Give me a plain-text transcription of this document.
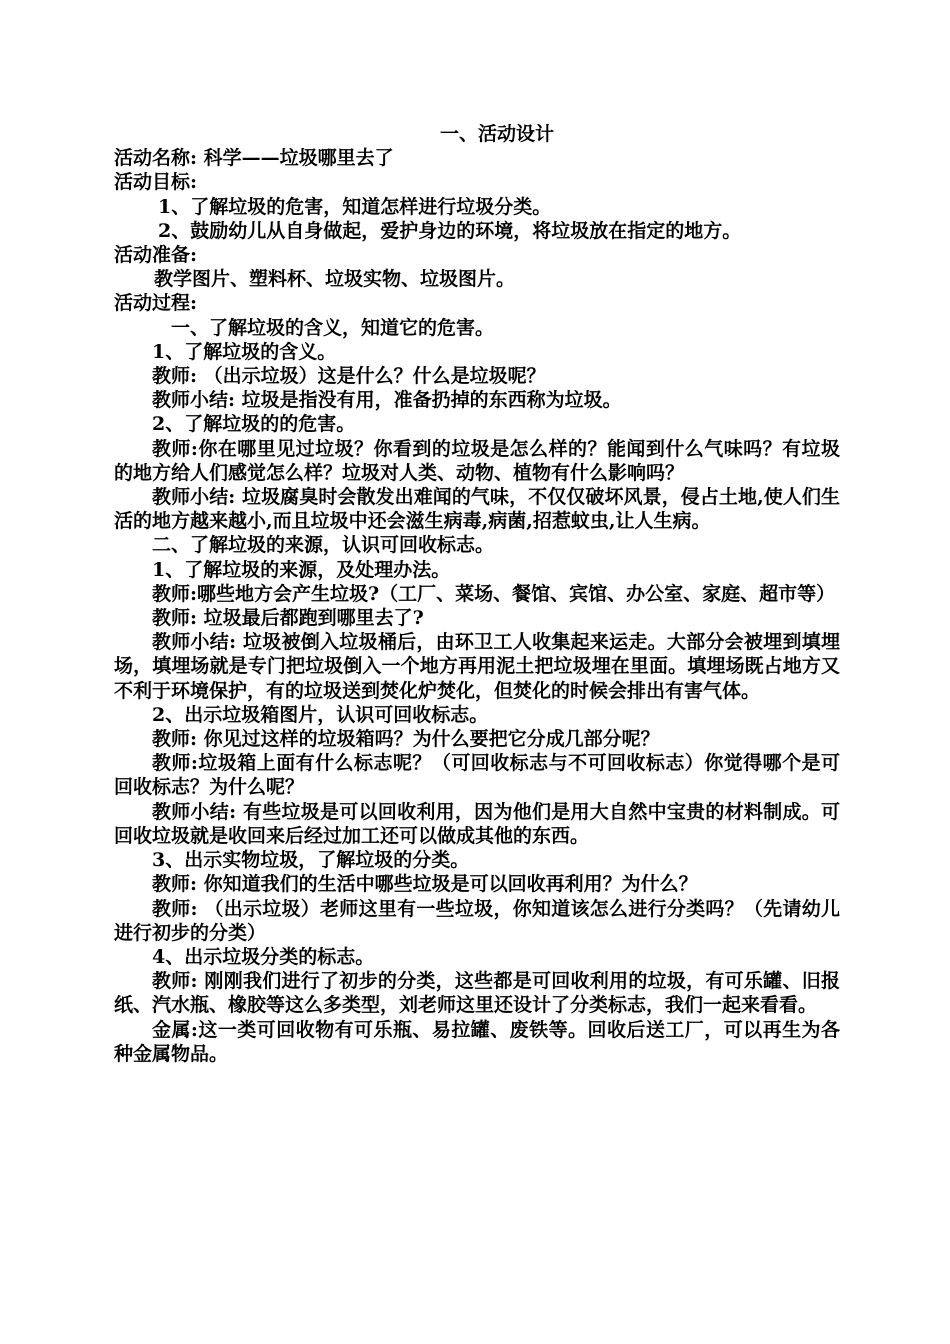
一、活动设计

活动名称: 科学——垃圾哪里去了

活动目标:

1、了解垃圾的危害，知道怎样进行垃圾分类。

2、鼓励幼儿从自身做起，爱护身边的环境，将垃圾放在指定的地方。

活动准备:

教学图片、塑料杯、垃圾实物、垃圾图片。

活动过程:

一、了解垃圾的含义，知道它的危害。

1、了解垃圾的含义。

教师: （出示垃圾）这是什么？什么是垃圾呢？

教师小结: 垃圾是指没有用，准备扔掉的东西称为垃圾。

2、了解垃圾的的危害。

教师:你在哪里见过垃圾？你看到的垃圾是怎么样的？能闻到什么气味吗？有垃圾的地方给人们感觉怎么样？垃圾对人类、动物、植物有什么影响吗？

教师小结: 垃圾腐臭时会散发出难闻的气味，不仅仅破坏风景，侵占土地,使人们生活的地方越来越小,而且垃圾中还会滋生病毒,病菌,招惹蚊虫,让人生病。

二、了解垃圾的来源，认识可回收标志。

1、了解垃圾的来源，及处理办法。

教师:哪些地方会产生垃圾?（工厂、菜场、餐馆、宾馆、办公室、家庭、超市等）

教师: 垃圾最后都跑到哪里去了?

教师小结: 垃圾被倒入垃圾桶后，由环卫工人收集起来运走。大部分会被埋到填埋场，填埋场就是专门把垃圾倒入一个地方再用泥土把垃圾埋在里面。填埋场既占地方又不利于环境保护，有的垃圾送到焚化炉焚化，但焚化的时候会排出有害气体。

2、出示垃圾箱图片，认识可回收标志。

教师: 你见过这样的垃圾箱吗？为什么要把它分成几部分呢？

教师:垃圾箱上面有什么标志呢？（可回收标志与不可回收标志）你觉得哪个是可回收标志？为什么呢？

教师小结: 有些垃圾是可以回收利用，因为他们是用大自然中宝贵的材料制成。可回收垃圾就是收回来后经过加工还可以做成其他的东西。

3、出示实物垃圾，了解垃圾的分类。

教师: 你知道我们的生活中哪些垃圾是可以回收再利用？为什么？

教师: （出示垃圾）老师这里有一些垃圾，你知道该怎么进行分类吗？（先请幼儿进行初步的分类）

4、出示垃圾分类的标志。

教师: 刚刚我们进行了初步的分类，这些都是可回收利用的垃圾，有可乐罐、旧报纸、汽水瓶、橡胶等这么多类型，刘老师这里还设计了分类标志，我们一起来看看。

金属:这一类可回收物有可乐瓶、易拉罐、废铁等。回收后送工厂，可以再生为各种金属物品。
